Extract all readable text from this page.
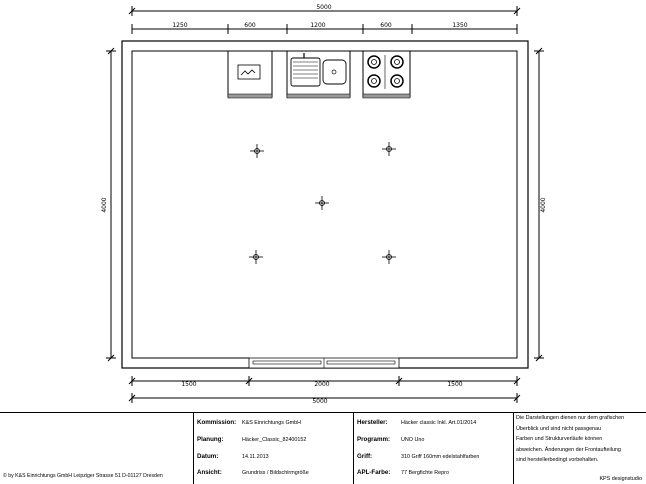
5000
1250	600	1200	600	1350
4000	4000
1500	2000	1500
5000
© by K&S Einrichtungs GmbH Leipziger Strasse 51 D-01127 Dresden
Kommission: K&S Einrichtungs GmbH
Planung:	Häcker_Classic_82400152
Datum:	14.11.2013
Ansicht:	Grundriss / Bildschirmgröße
Hersteller: Häcker classic Inkl. Art.01/2014
Programm: UNO Uno
Griff:	310 Griff 160mm edelstahlfarben
APL-Farbe: 77 Bergfichte Repro
Die Darstellungen dienen nur dem grafischen
Überblick und sind nicht passgenau
Farben und Strukturverläufe können
abweichen. Änderungen der Frontaufteilung
sind herstellerbedingt vorbehalten.
KPS designstudio
